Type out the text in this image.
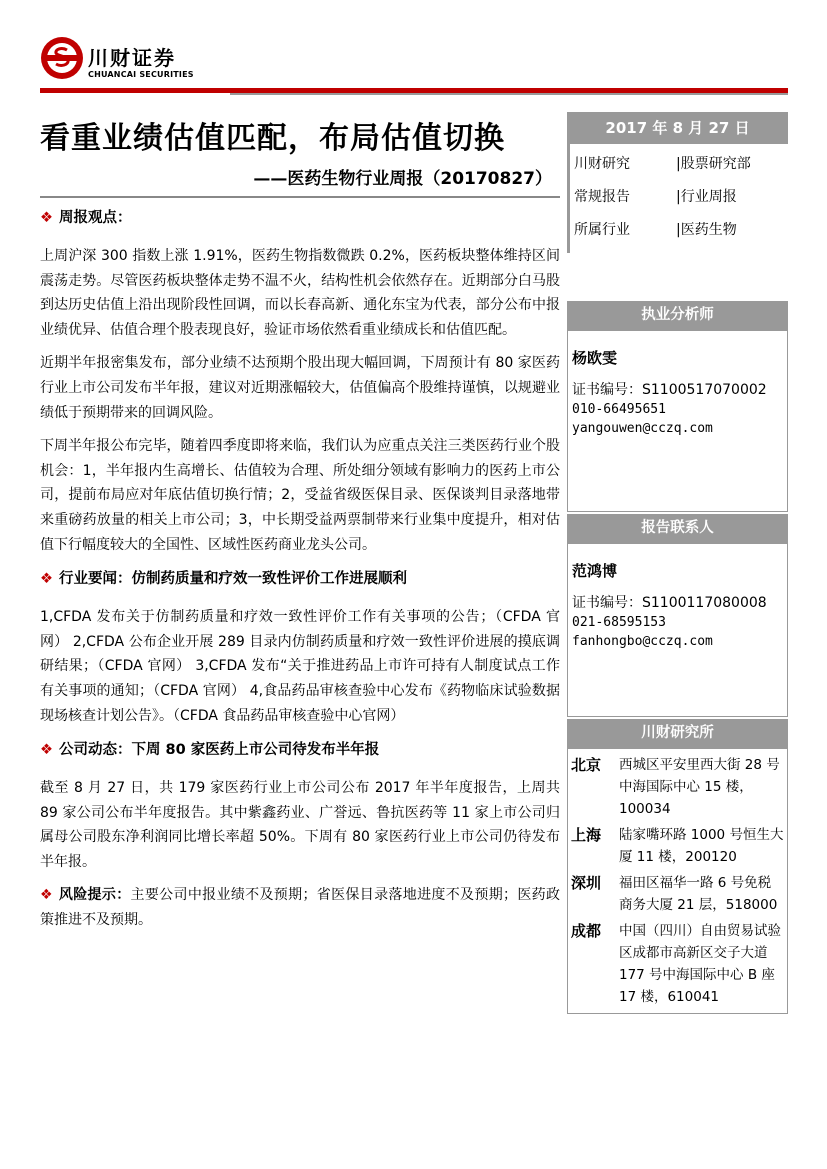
川财证券
CHUANCAI SECURITIES
看重业绩估值匹配，布局估值切换
——医药生物行业周报（20170827）
❖ 周报观点：

上周沪深 300 指数上涨 1.91%，医药生物指数微跌 0.2%，医药板块整体维持区间震荡走势。尽管医药板块整体走势不温不火，结构性机会依然存在。近期部分白马股到达历史估值上沿出现阶段性回调，而以长春高新、通化东宝为代表，部分公布中报业绩优异、估值合理个股表现良好，验证市场依然看重业绩成长和估值匹配。

近期半年报密集发布，部分业绩不达预期个股出现大幅回调，下周预计有 80 家医药行业上市公司发布半年报，建议对近期涨幅较大，估值偏高个股维持谨慎，以规避业绩低于预期带来的回调风险。

下周半年报公布完毕，随着四季度即将来临，我们认为应重点关注三类医药行业个股机会：1，半年报内生高增长、估值较为合理、所处细分领域有影响力的医药上市公司，提前布局应对年底估值切换行情；2，受益省级医保目录、医保谈判目录落地带来重磅药放量的相关上市公司；3，中长期受益两票制带来行业集中度提升，相对估值下行幅度较大的全国性、区域性医药商业龙头公司。

❖ 行业要闻：仿制药质量和疗效一致性评价工作进展顺利

1,CFDA 发布关于仿制药质量和疗效一致性评价工作有关事项的公告；（CFDA 官网） 2,CFDA 公布企业开展 289 目录内仿制药质量和疗效一致性评价进展的摸底调研结果；（CFDA 官网） 3,CFDA 发布“关于推进药品上市许可持有人制度试点工作有关事项的通知；（CFDA 官网） 4,食品药品审核查验中心发布《药物临床试验数据现场核查计划公告》。（CFDA 食品药品审核查验中心官网）

❖ 公司动态：下周 80 家医药上市公司待发布半年报

截至 8 月 27 日，共 179 家医药行业上市公司公布 2017 年半年度报告，上周共 89 家公司公布半年度报告。其中紫鑫药业、广誉远、鲁抗医药等 11 家上市公司归属母公司股东净利润同比增长率超 50%。下周有 80 家医药行业上市公司仍待发布半年报。

❖ 风险提示：主要公司中报业绩不及预期；省医保目录落地进度不及预期；医药政策推进不及预期。

2017 年 8 月 27 日
川财研究	|股票研究部
常规报告	|行业周报
所属行业	|医药生物
执业分析师
杨欧雯
证书编号：S1100517070002
010-66495651
yangouwen@cczq.com
报告联系人
范鸿博
证书编号：S1100117080008
021-68595153
fanhongbo@cczq.com
川财研究所
北京	西城区平安里西大街 28 号中海国际中心 15 楼，100034
上海	陆家嘴环路 1000 号恒生大厦 11 楼，200120
深圳	福田区福华一路 6 号免税商务大厦 21 层，518000
成都	中国（四川）自由贸易试验区成都市高新区交子大道 177 号中海国际中心 B 座 17 楼，610041
